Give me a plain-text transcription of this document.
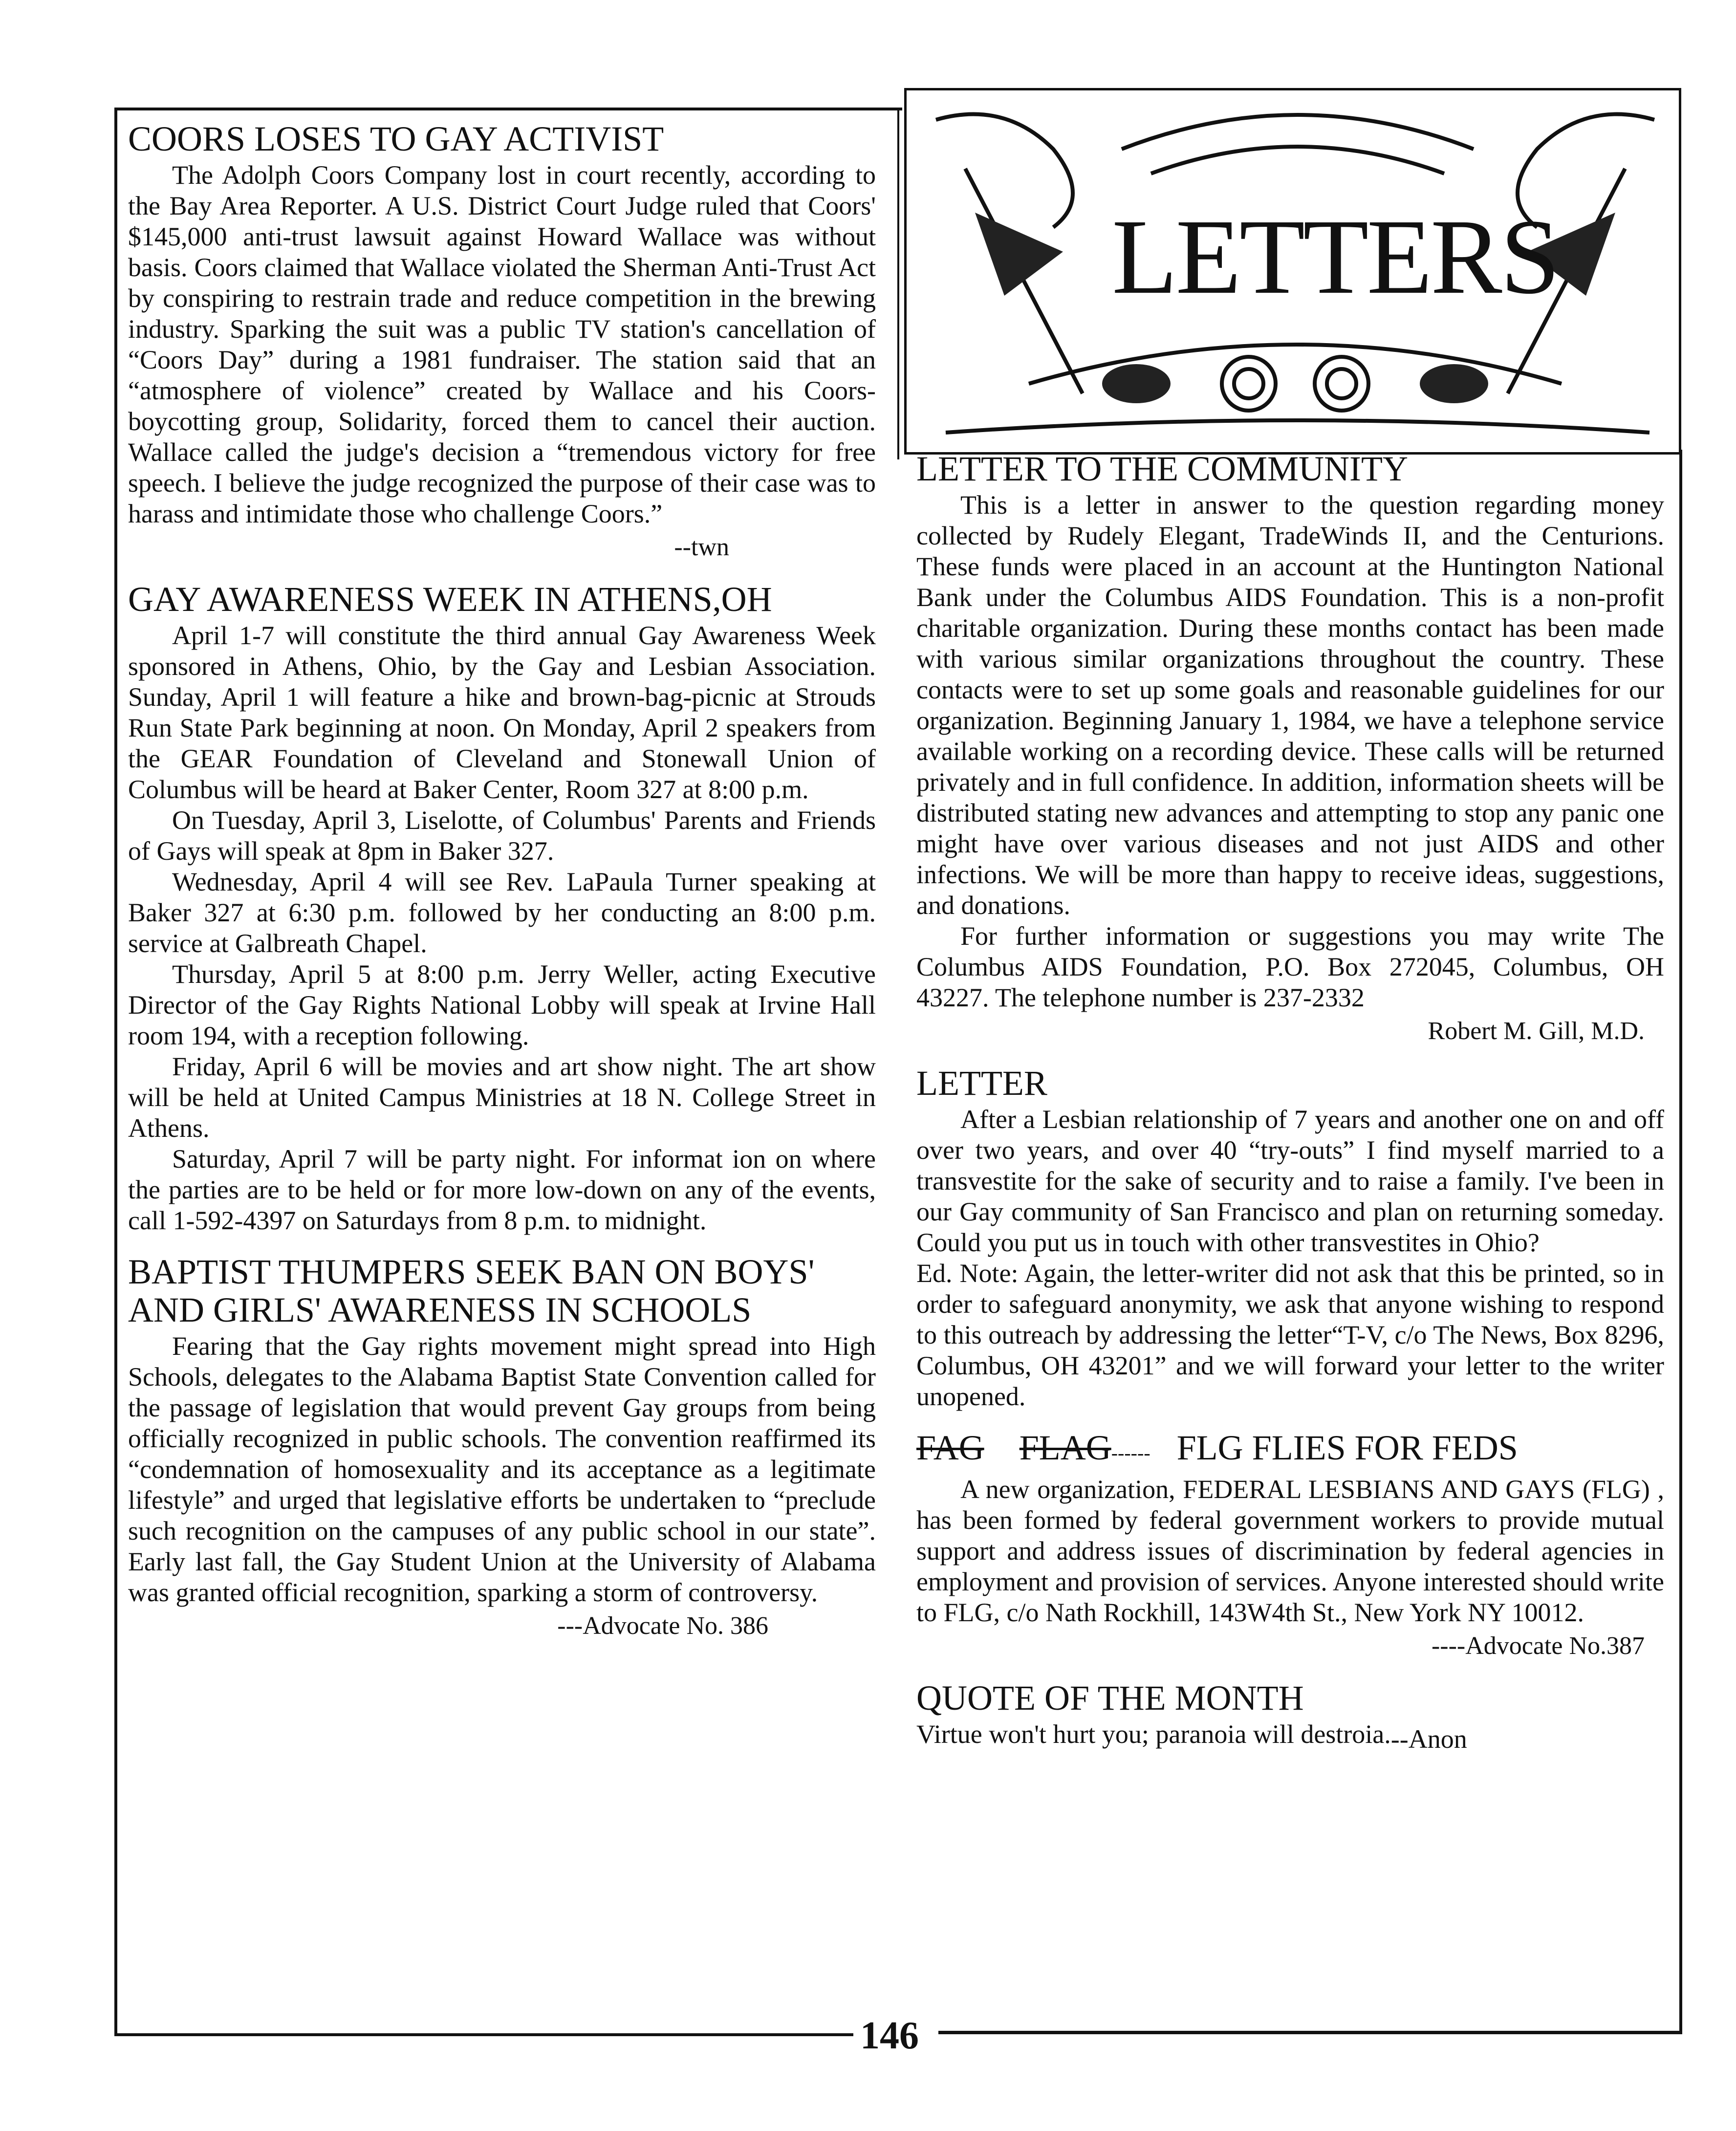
LETTERS
COORS LOSES TO GAY ACTIVIST

The Adolph Coors Company lost in court recently, according to the Bay Area Reporter. A U.S. District Court Judge ruled that Coors' $145,000 anti-trust lawsuit against Howard Wallace was without basis. Coors claimed that Wallace violated the Sherman Anti-Trust Act by conspiring to restrain trade and reduce competition in the brewing industry. Sparking the suit was a public TV station's cancellation of “Coors Day” during a 1981 fundraiser. The station said that an “atmosphere of violence” created by Wallace and his Coors-boycotting group, Solidarity, forced them to cancel their auction. Wallace called the judge's decision a “tremendous victory for free speech. I believe the judge recognized the purpose of their case was to harass and intimidate those who challenge Coors.”

--twn
GAY AWARENESS WEEK IN ATHENS,OH

April 1-7 will constitute the third annual Gay Awareness Week sponsored in Athens, Ohio, by the Gay and Lesbian Association. Sunday, April 1 will feature a hike and brown-bag-picnic at Strouds Run State Park beginning at noon. On Monday, April 2 speakers from the GEAR Foundation of Cleveland and Stonewall Union of Columbus will be heard at Baker Center, Room 327 at 8:00 p.m.

On Tuesday, April 3, Liselotte, of Columbus' Parents and Friends of Gays will speak at 8pm in Baker 327.

Wednesday, April 4 will see Rev. LaPaula Turner speaking at Baker 327 at 6:30 p.m. followed by her conducting an 8:00 p.m. service at Galbreath Chapel.

Thursday, April 5 at 8:00 p.m. Jerry Weller, acting Executive Director of the Gay Rights National Lobby will speak at Irvine Hall room 194, with a reception following.

Friday, April 6 will be movies and art show night. The art show will be held at United Campus Ministries at 18 N. College Street in Athens.

Saturday, April 7 will be party night. For informat ion on where the parties are to be held or for more low-down on any of the events, call 1-592-4397 on Saturdays from 8 p.m. to midnight.

BAPTIST THUMPERS SEEK BAN ON BOYS' AND GIRLS' AWARENESS IN SCHOOLS

Fearing that the Gay rights movement might spread into High Schools, delegates to the Alabama Baptist State Convention called for the passage of legislation that would prevent Gay groups from being officially recognized in public schools. The convention reaffirmed its “condemnation of homosexuality and its acceptance as a legitimate lifestyle” and urged that legislative efforts be undertaken to “preclude such recognition on the campuses of any public school in our state”. Early last fall, the Gay Student Union at the University of Alabama was granted official recognition, sparking a storm of controversy.

---Advocate No. 386
LETTER TO THE COMMUNITY

This is a letter in answer to the question regarding money collected by Rudely Elegant, TradeWinds II, and the Centurions. These funds were placed in an account at the Huntington National Bank under the Columbus AIDS Foundation. This is a non-profit charitable organization. During these months contact has been made with various similar organizations throughout the country. These contacts were to set up some goals and reasonable guidelines for our organization. Beginning January 1, 1984, we have a telephone service available working on a recording device. These calls will be returned privately and in full confidence. In addition, information sheets will be distributed stating new advances and attempting to stop any panic one might have over various diseases and not just AIDS and other infections. We will be more than happy to receive ideas, suggestions, and donations.

For further information or suggestions you may write The Columbus AIDS Foundation, P.O. Box 272045, Columbus, OH 43227. The telephone number is 237-2332

Robert M. Gill, M.D.
LETTER

After a Lesbian relationship of 7 years and another one on and off over two years, and over 40 “try-outs” I find myself married to a transvestite for the sake of security and to raise a family. I've been in our Gay community of San Francisco and plan on returning someday. Could you put us in touch with other transvestites in Ohio?

Ed. Note: Again, the letter-writer did not ask that this be printed, so in order to safeguard anonymity, we ask that anyone wishing to respond to this outreach by addressing the letter“T-V, c/o The News, Box 8296, Columbus, OH 43201” and we will forward your letter to the writer unopened.

FAG FLAG------ FLG FLIES FOR FEDS

A new organization, FEDERAL LESBIANS AND GAYS (FLG) , has been formed by federal government workers to provide mutual support and address issues of discrimination by federal agencies in employment and provision of services. Anyone interested should write to FLG, c/o Nath Rockhill, 143W4th St., New York NY 10012.

----Advocate No.387
QUOTE OF THE MONTH

Virtue won't hurt you; paranoia will destroia.--Anon

146
